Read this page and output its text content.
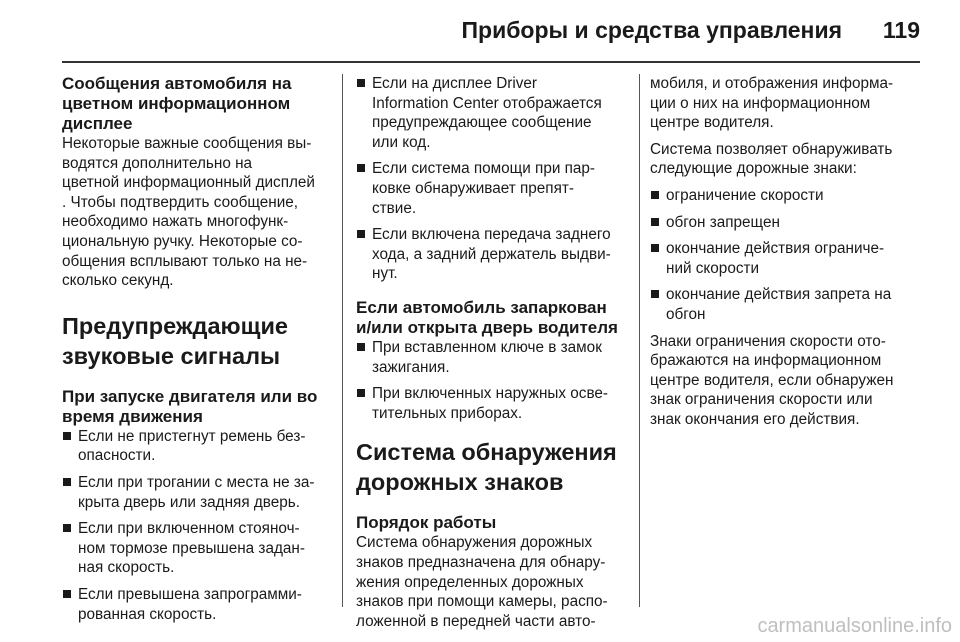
Приборы и средства управления 119

Сообщения автомобиля на
цветном информационном
дисплее

Некоторые важные сообщения вы-
водятся дополнительно на
цветной информационный дисплей
. Чтобы подтвердить сообщение,
необходимо нажать многофунк-
циональную ручку. Некоторые со-
общения всплывают только на не-
сколько секунд.

Предупреждающие
звуковые сигналы

При запуске двигателя или во
время движения

Если не пристегнут ремень без-
опасности.
Если при трогании с места не за-
крыта дверь или задняя дверь.
Если при включенном стояноч-
ном тормозе превышена задан-
ная скорость.
Если превышена запрограмми-
рованная скорость.
Если на дисплее Driver
Information Center отображается
предупреждающее сообщение
или код.
Если система помощи при пар-
ковке обнаруживает препят-
ствие.
Если включена передача заднего
хода, а задний держатель выдви-
нут.

Если автомобиль запаркован
и/или открыта дверь водителя

При вставленном ключе в замок
зажигания.
При включенных наружных осве-
тительных приборах.

Система обнаружения
дорожных знаков

Порядок работы

Система обнаружения дорожных
знаков предназначена для обнару-
жения определенных дорожных
знаков при помощи камеры, распо-
ложенной в передней части авто-

мобиля, и отображения информа-
ции о них на информационном
центре водителя.

Система позволяет обнаруживать
следующие дорожные знаки:

ограничение скорости
обгон запрещен
окончание действия ограниче-
ний скорости
окончание действия запрета на
обгон

Знаки ограничения скорости ото-
бражаются на информационном
центре водителя, если обнаружен
знак ограничения скорости или
знак окончания его действия.

carmanualsonline.info
